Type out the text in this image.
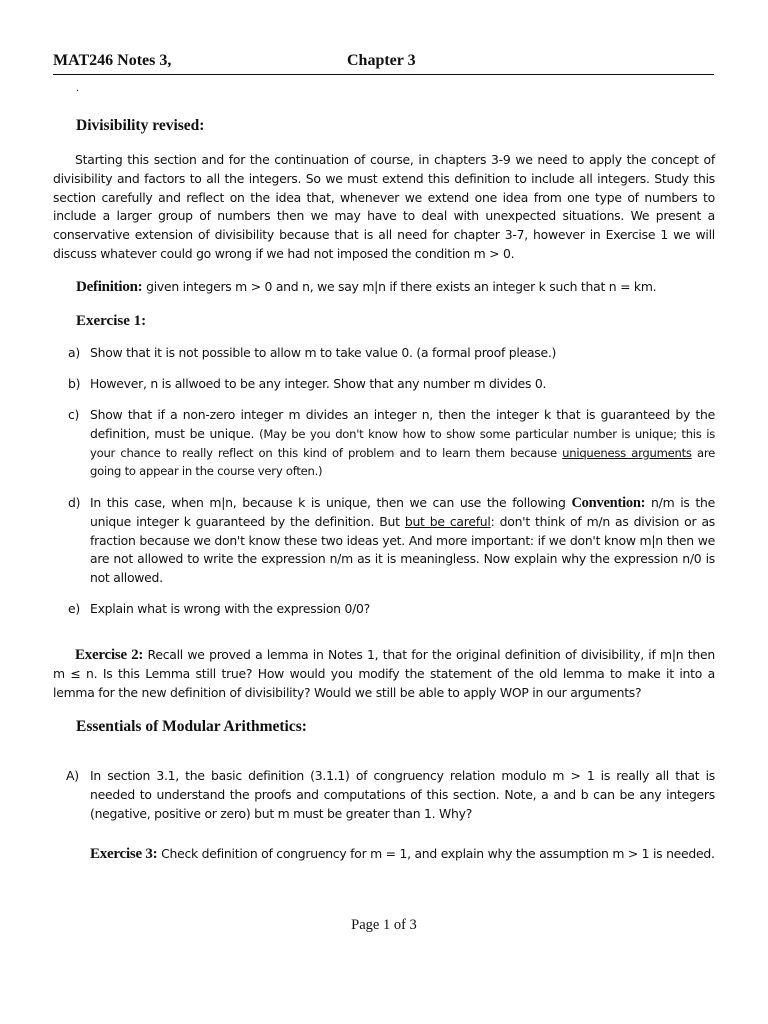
MAT246 Notes 3,	Chapter 3
.
Divisibility revised:
Starting this section and for the continuation of course, in chapters 3-9 we need to apply the concept of divisibility and factors to all the integers. So we must extend this definition to include all integers. Study this section carefully and reflect on the idea that, whenever we extend one idea from one type of numbers to include a larger group of numbers then we may have to deal with unexpected situations. We present a conservative extension of divisibility because that is all need for chapter 3-7, however in Exercise 1 we will discuss whatever could go wrong if we had not imposed the condition m > 0.
Definition: given integers m > 0 and n, we say m|n if there exists an integer k such that n = km.
Exercise 1:
a) Show that it is not possible to allow m to take value 0. (a formal proof please.)
b) However, n is allwoed to be any integer. Show that any number m divides 0.
c) Show that if a non-zero integer m divides an integer n, then the integer k that is guaranteed by the definition, must be unique. (May be you don't know how to show some particular number is unique; this is your chance to really reflect on this kind of problem and to learn them because uniqueness arguments are going to appear in the course very often.)
d) In this case, when m|n, because k is unique, then we can use the following Convention: n/m is the unique integer k guaranteed by the definition. But but be careful: don't think of m/n as division or as fraction because we don't know these two ideas yet. And more important: if we don't know m|n then we are not allowed to write the expression n/m as it is meaningless. Now explain why the expression n/0 is not allowed.
e) Explain what is wrong with the expression 0/0?
Exercise 2: Recall we proved a lemma in Notes 1, that for the original definition of divisibility, if m|n then m ≤ n. Is this Lemma still true? How would you modify the statement of the old lemma to make it into a lemma for the new definition of divisibility? Would we still be able to apply WOP in our arguments?
Essentials of Modular Arithmetics:
A) In section 3.1, the basic definition (3.1.1) of congruency relation modulo m > 1 is really all that is needed to understand the proofs and computations of this section. Note, a and b can be any integers (negative, positive or zero) but m must be greater than 1. Why?
Exercise 3: Check definition of congruency for m = 1, and explain why the assumption m > 1 is needed.
Page 1 of 3
